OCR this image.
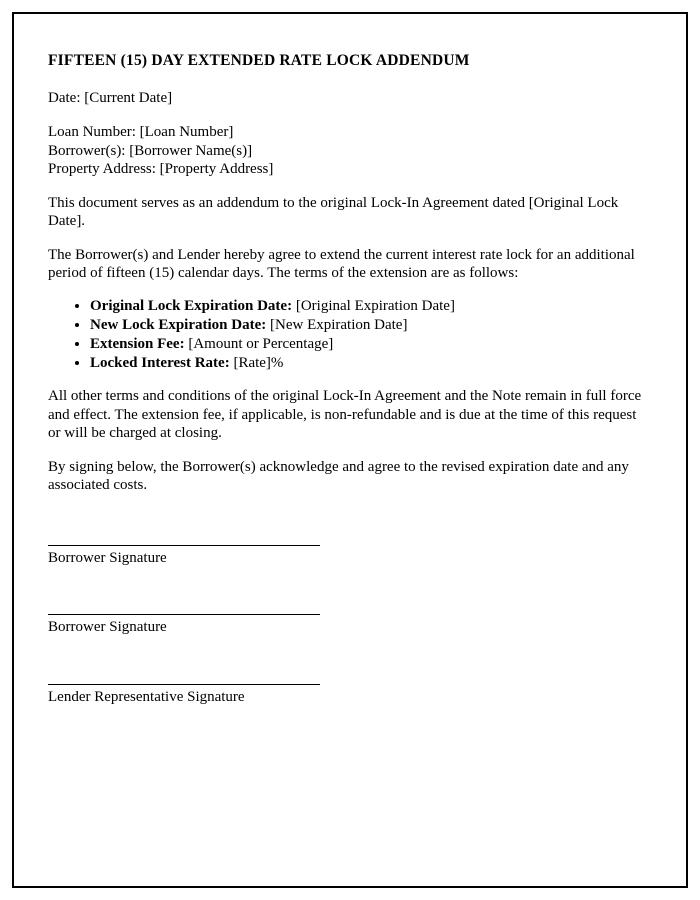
FIFTEEN (15) DAY EXTENDED RATE LOCK ADDENDUM

Date: [Current Date]

Loan Number: [Loan Number]

Borrower(s): [Borrower Name(s)]

Property Address: [Property Address]

This document serves as an addendum to the original Lock-In Agreement dated [Original Lock Date].

The Borrower(s) and Lender hereby agree to extend the current interest rate lock for an additional period of fifteen (15) calendar days. The terms of the extension are as follows:

• Original Lock Expiration Date: [Original Expiration Date]
• New Lock Expiration Date: [New Expiration Date]
• Extension Fee: [Amount or Percentage]
• Locked Interest Rate: [Rate]%

All other terms and conditions of the original Lock-In Agreement and the Note remain in full force and effect. The extension fee, if applicable, is non-refundable and is due at the time of this request or will be charged at closing.

By signing below, the Borrower(s) acknowledge and agree to the revised expiration date and any associated costs.

Borrower Signature
Borrower Signature
Lender Representative Signature
